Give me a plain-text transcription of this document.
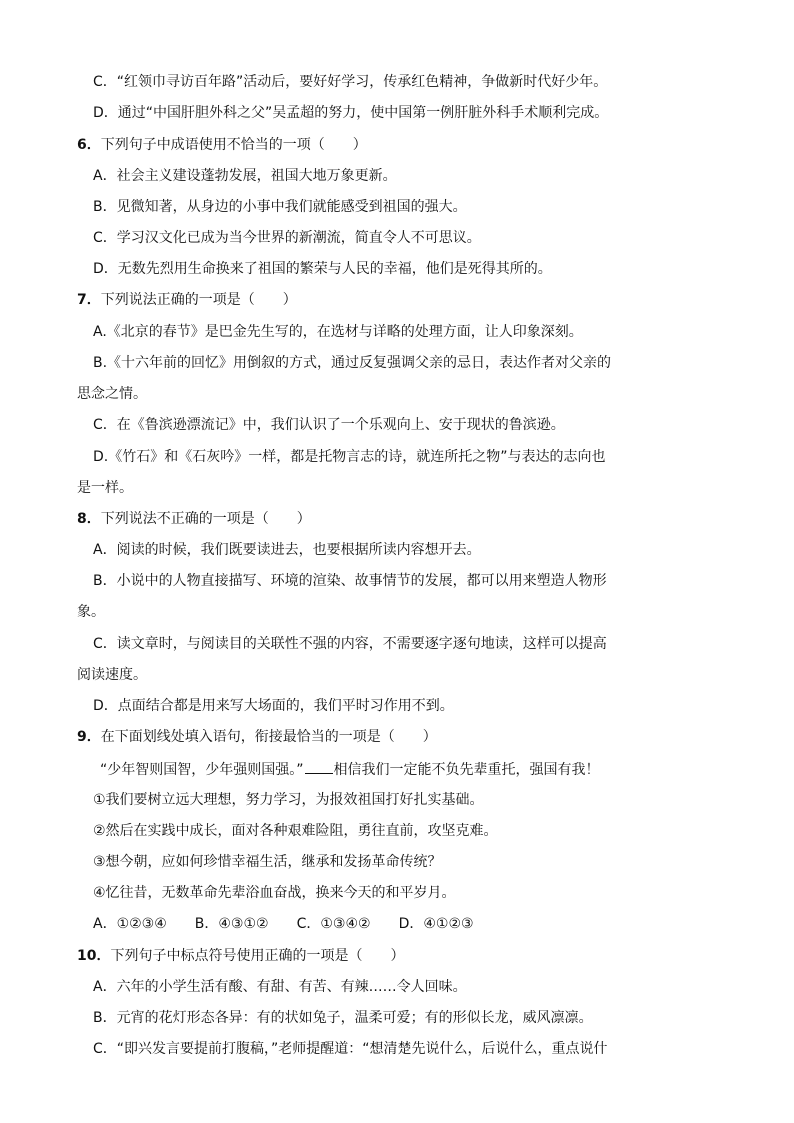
C．“红领巾寻访百年路”活动后，要好好学习，传承红色精神，争做新时代好少年。
D．通过“中国肝胆外科之父”吴孟超的努力，使中国第一例肝脏外科手术顺利完成。
6．下列句子中成语使用不恰当的一项（　　）
A．社会主义建设蓬勃发展，祖国大地万象更新。
B．见微知著，从身边的小事中我们就能感受到祖国的强大。
C．学习汉文化已成为当今世界的新潮流，简直令人不可思议。
D．无数先烈用生命换来了祖国的繁荣与人民的幸福，他们是死得其所的。
7．下列说法正确的一项是（　　）
A.《北京的春节》是巴金先生写的，在选材与详略的处理方面，让人印象深刻。
B.《十六年前的回忆》用倒叙的方式，通过反复强调父亲的忌日，表达作者对父亲的
思念之情。
C．在《鲁滨逊漂流记》中，我们认识了一个乐观向上、安于现状的鲁滨逊。
D.《竹石》和《石灰吟》一样，都是托物言志的诗，就连所托之物”与表达的志向也
是一样。
8．下列说法不正确的一项是（　　）
A．阅读的时候，我们既要读进去，也要根据所读内容想开去。
B．小说中的人物直接描写、环境的渲染、故事情节的发展，都可以用来塑造人物形
象。
C．读文章时，与阅读目的关联性不强的内容，不需要逐字逐句地读，这样可以提高
阅读速度。
D．点面结合都是用来写大场面的，我们平时习作用不到。
9．在下面划线处填入语句，衔接最恰当的一项是（　　）
“少年智则国智，少年强则国强。” 相信我们一定能不负先辈重托，强国有我！
①我们要树立远大理想，努力学习，为报效祖国打好扎实基础。
②然后在实践中成长，面对各种艰难险阻，勇往直前，攻坚克难。
③想今朝，应如何珍惜幸福生活，继承和发扬革命传统？
④忆往昔，无数革命先辈浴血奋战，换来今天的和平岁月。
A．①②③④ B．④③①② C．①③④② D．④①②③
10．下列句子中标点符号使用正确的一项是（　　）
A．六年的小学生活有酸、有甜、有苦、有辣……令人回味。
B．元宵的花灯形态各异：有的状如兔子，温柔可爱；有的形似长龙，威风凛凛。
C．“即兴发言要提前打腹稿，”老师提醒道：“想清楚先说什么，后说什么，重点说什
